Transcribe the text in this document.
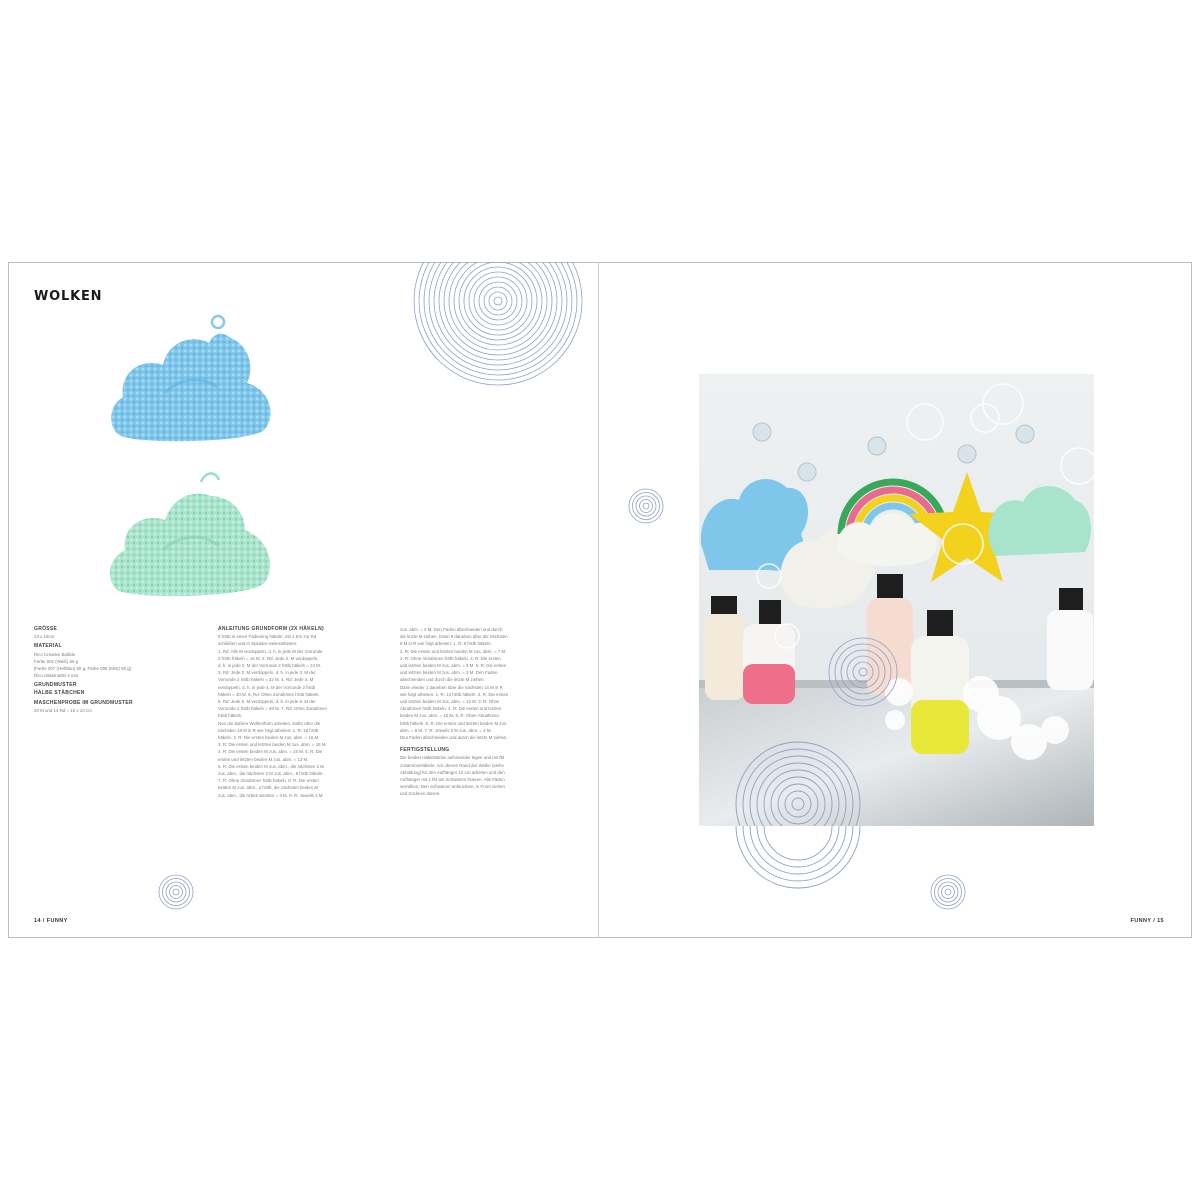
WOLKEN
GRÖSSE
13 x 16cm
MATERIAL
Rico Creative Bubble
Farbe 001 (Weiß) 50 g
[Farbe 007 (Hellblau) 50 g, Farbe 008 (Mint) 50 g]
Rico Häkelnadel 4 mm
GRUNDMUSTER
HALBE STÄBCHEN
MASCHENPROBE IM GRUNDMUSTER
20 M und 14 Rd = 10 x 10 cm
ANLEITUNG GRUNDFORM (2X HÄKELN)
8 hStb in einen Fadenring häkeln, mit 1 Km zur Rd
schließen und in Spiralen weiterarbeiten.
1. Rd: Alle M verdoppeln, d. h. in jede M der Vorrunde
2 hStb häkeln = 16 M. 2. Rd: Jede 2. M verdoppeln,
d. h. in jede 2. M der Vorrunde 2 hStb häkeln = 24 M.
3. Rd: Jede 3. M verdoppeln, d. h. in jede 3. M der
Vorrunde 2 hStb häkeln = 32 M. 4. Rd: Jede 4. M
verdoppeln, d. h. in jede 4. M der Vorrunde 2 hStb
häkeln = 40 M. 5. Rd: Ohne Zunahmen hStb häkeln.
6. Rd: Jede 5. M verdoppeln, d. h. in jede 5. M der
Vorrunde 2 hStb häkeln = 48 M. 7. Rd: Ohne Zunahmen
hStb häkeln.
Nun die äußere Wolkenform arbeiten. Dafür über die
nächsten 18 M in R wie folgt arbeiten: 1. R: 18 hStb
häkeln. 2. R: Die ersten beiden M zus. abm. = 16 M.
3. R: Die ersten und letzten beiden M zus. abm. = 16 M.
4. R: Die ersten beiden M zus. abm. = 15 M. 5. R: Die
ersten und letzten beiden M zus. abm. = 13 M.
6. R: Die ersten beiden M zus. abm., die nächsten 2 M
zus. abm., die nächsten 2 M zus. abm., 8 hStb häkeln.
7. R: Ohne Abnahmen hStb häkeln. 8. R: Die ersten
beiden M zus. abm., 2 hStb, die nächsten beiden M
zus. abm., die Arbeit wenden = 4 M. 9. R: Jeweils 2 M
zus. abm. = 2 M. Den Faden abschneiden und durch
die letzte M ziehen. Dann 9 daneben über die nächsten
9 M in R wie folgt arbeiten: 1. R: 9 hStb häkeln.
2. R: Die ersten und letzten beiden M zus. abm. = 7 M.
3. R: Ohne Abnahmen hStb häkeln. 4. R: Die ersten
und letzten beiden M zus. abm. = 5 M. 5. R: Die ersten
und letzten beiden M zus. abm. = 3 M. Den Faden
abschneiden und durch die letzte M ziehen.
Dann wieder 1 daneben über die nächsten 14 M in R
wie folgt arbeiten: 1. R: 14 hStb häkeln. 2. R: Die ersten
und letzten beiden M zus. abm. = 12 M. 3. R: Ohne
Abnahmen hStb häkeln. 4. R: Die ersten und letzten
beiden M zus. abm. = 10 M. 5. R: Ohne Abnahmen
hStb häkeln. 6. R: Die ersten und letzten beiden M zus.
abm. = 8 M. 7. R: Jeweils 2 M zus. abm. = 4 M.
Den Faden abschneiden und durch die letzte M ziehen.
FERTIGSTELLUNG
Die beiden Häkelstücke aufeinander legen und mit fM
zusammenhäkeln. Am oberen Rand der Wolke (siehe
Abbildung) für den Aufhänger 12 Lm arbeiten und den
Aufhänger mit 1 fM am Schwamm fixieren. Alle Fäden
vernähen. Den Schwamm anfeuchten, in Form ziehen
und trocknen lassen.
14 / FUNNY	FUNNY / 15
